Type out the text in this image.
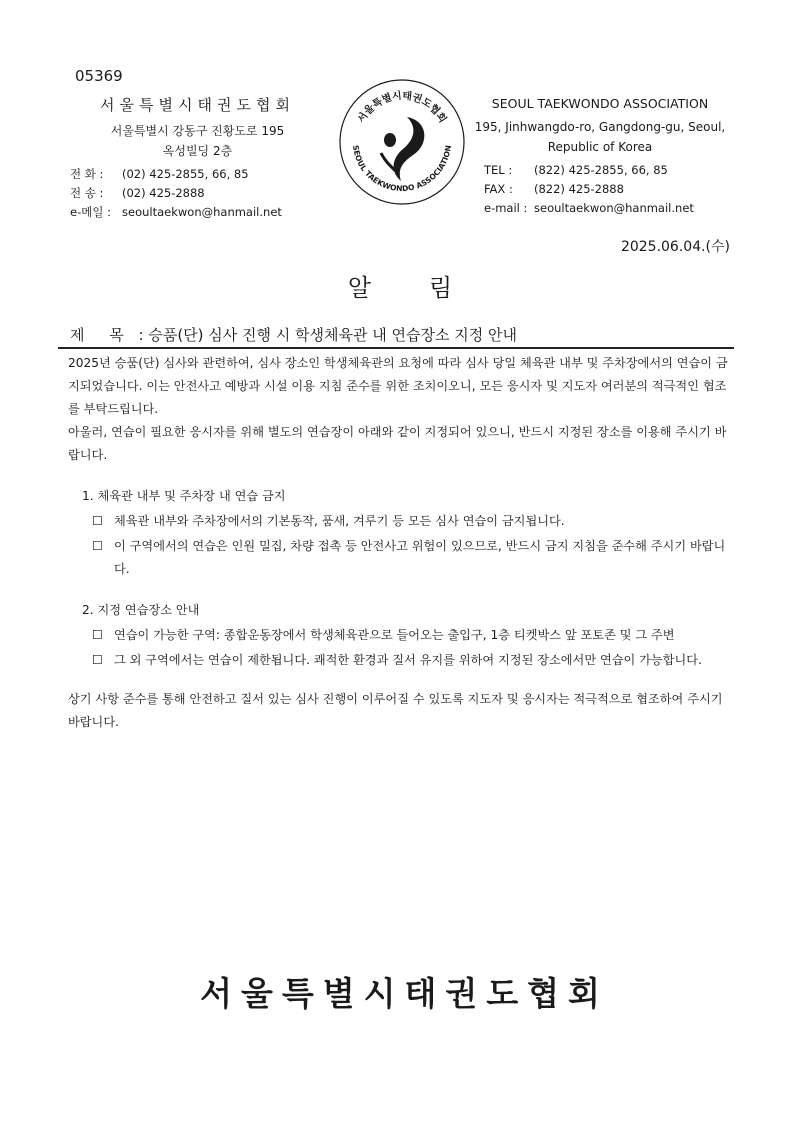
05369
서울특별시태권도협회
서울특별시 강동구 진황도로 195
옥성빌딩 2층
전 화 : (02) 425-2855, 66, 85
전 송 : (02) 425-2888
e-메일 : seoultaekwon@hanmail.net
서울특별시태권도협회
SEOUL TAEKWONDO ASSOCIATION
SEOUL TAEKWONDO ASSOCIATION
195, Jinhwangdo-ro, Gangdong-gu, Seoul,
Republic of Korea
TEL : (822) 425-2855, 66, 85
FAX : (822) 425-2888
e-mail : seoultaekwon@hanmail.net
2025.06.04.(수)
알림
제 목 : 승품(단) 심사 진행 시 학생체육관 내 연습장소 지정 안내

2025년 승품(단) 심사와 관련하여, 심사 장소인 학생체육관의 요청에 따라 심사 당일 체육관 내부 및 주차장에서의 연습이 금지되었습니다. 이는 안전사고 예방과 시설 이용 지침 준수를 위한 조치이오니, 모든 응시자 및 지도자 여러분의 적극적인 협조를 부탁드립니다.

아울러, 연습이 필요한 응시자를 위해 별도의 연습장이 아래와 같이 지정되어 있으니, 반드시 지정된 장소를 이용해 주시기 바랍니다.

1. 체육관 내부 및 주차장 내 연습 금지
☐ 체육관 내부와 주차장에서의 기본동작, 품새, 겨루기 등 모든 심사 연습이 금지됩니다.
☐ 이 구역에서의 연습은 인원 밀집, 차량 접촉 등 안전사고 위험이 있으므로, 반드시 금지 지침을 준수해 주시기 바랍니다.
2. 지정 연습장소 안내
☐ 연습이 가능한 구역: 종합운동장에서 학생체육관으로 들어오는 출입구, 1층 티켓박스 앞 포토존 및 그 주변
☐ 그 외 구역에서는 연습이 제한됩니다. 쾌적한 환경과 질서 유지를 위하여 지정된 장소에서만 연습이 가능합니다.

상기 사항 준수를 통해 안전하고 질서 있는 심사 진행이 이루어질 수 있도록 지도자 및 응시자는 적극적으로 협조하여 주시기 바랍니다.

서울특별시태권도협회
